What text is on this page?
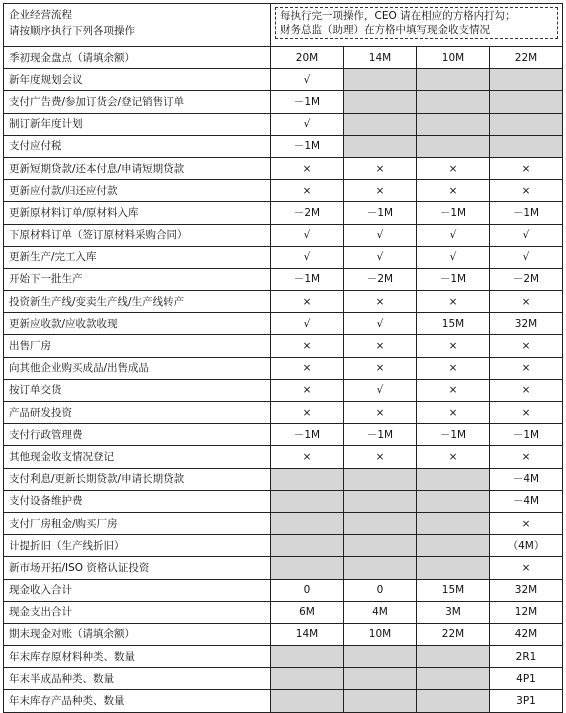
企业经营流程
请按顺序执行下列各项操作	每执行完一项操作，CEO 请在相应的方格内打勾；
财务总监（助理）在方格中填写现金收支情况			

季初现金盘点（请填余额）	20M	14M	10M	22M
新年度规划会议	√			
支付广告费/参加订货会/登记销售订单	－1M			
制订新年度计划	√			
支付应付税	－1M			
更新短期贷款/还本付息/申请短期贷款	×	×	×	×
更新应付款/归还应付款	×	×	×	×
更新原材料订单/原材料入库	－2M	－1M	－1M	－1M
下原材料订单（签订原材料采购合同）	√	√	√	√
更新生产/完工入库	√	√	√	√
开始下一批生产	－1M	－2M	－1M	－2M
投资新生产线/变卖生产线/生产线转产	×	×	×	×
更新应收款/应收款收现	√	√	15M	32M
出售厂房	×	×	×	×
向其他企业购买成品/出售成品	×	×	×	×
按订单交货	×	√	×	×
产品研发投资	×	×	×	×
支付行政管理费	－1M	－1M	－1M	－1M
其他现金收支情况登记	×	×	×	×
支付利息/更新长期贷款/申请长期贷款				－4M
支付设备维护费				－4M
支付厂房租金/购买厂房				×
计提折旧（生产线折旧）				（4M）
新市场开拓/ISO 资格认证投资				×
现金收入合计	0	0	15M	32M
现金支出合计	6M	4M	3M	12M
期末现金对账（请填余额）	14M	10M	22M	42M
年末库存原材料种类、数量				2R1
年末半成品种类、数量				4P1
年末库存产品种类、数量				3P1
